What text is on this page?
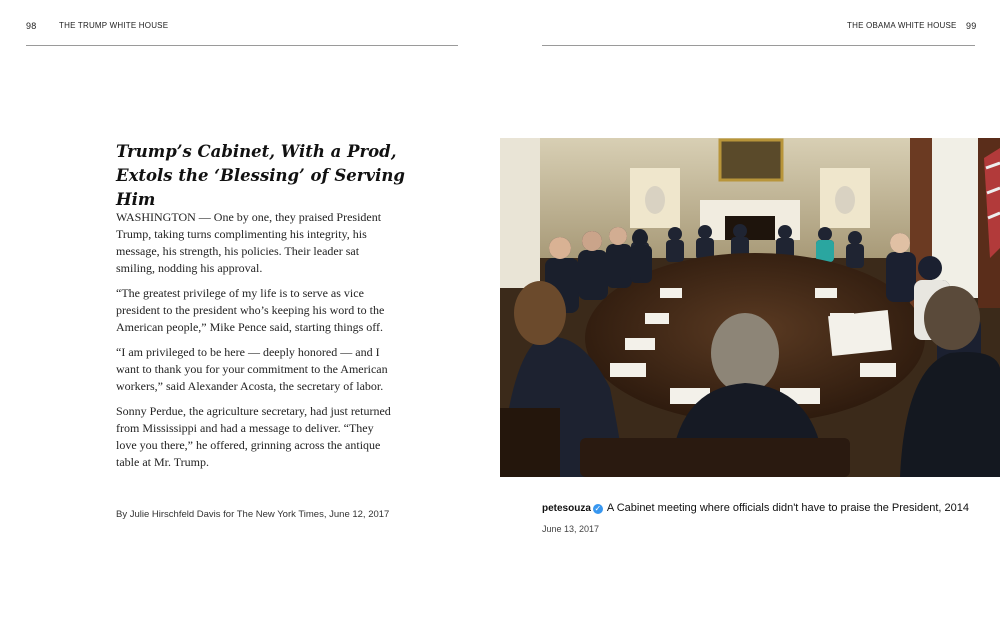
98	THE TRUMP WHITE HOUSE	THE OBAMA WHITE HOUSE 99
Trump’s Cabinet, With a Prod,
Extols the ‘Blessing’ of Serving Him

WASHINGTON — One by one, they praised President Trump, taking turns complimenting his integrity, his message, his strength, his policies. Their leader sat smiling, nodding his approval.

“The greatest privilege of my life is to serve as vice president to the president who’s keeping his word to the American people,” Mike Pence said, starting things off.

“I am privileged to be here — deeply honored — and I want to thank you for your commitment to the American workers,” said Alexander Acosta, the secretary of labor.

Sonny Perdue, the agriculture secretary, had just returned from Mississippi and had a message to deliver. “They love you there,” he offered, grinning across the antique table at Mr. Trump.

By Julie Hirschfeld Davis for The New York Times, June 12, 2017
petesouza ✓ A Cabinet meeting where officials didn't have to praise the President, 2014
June 13, 2017
